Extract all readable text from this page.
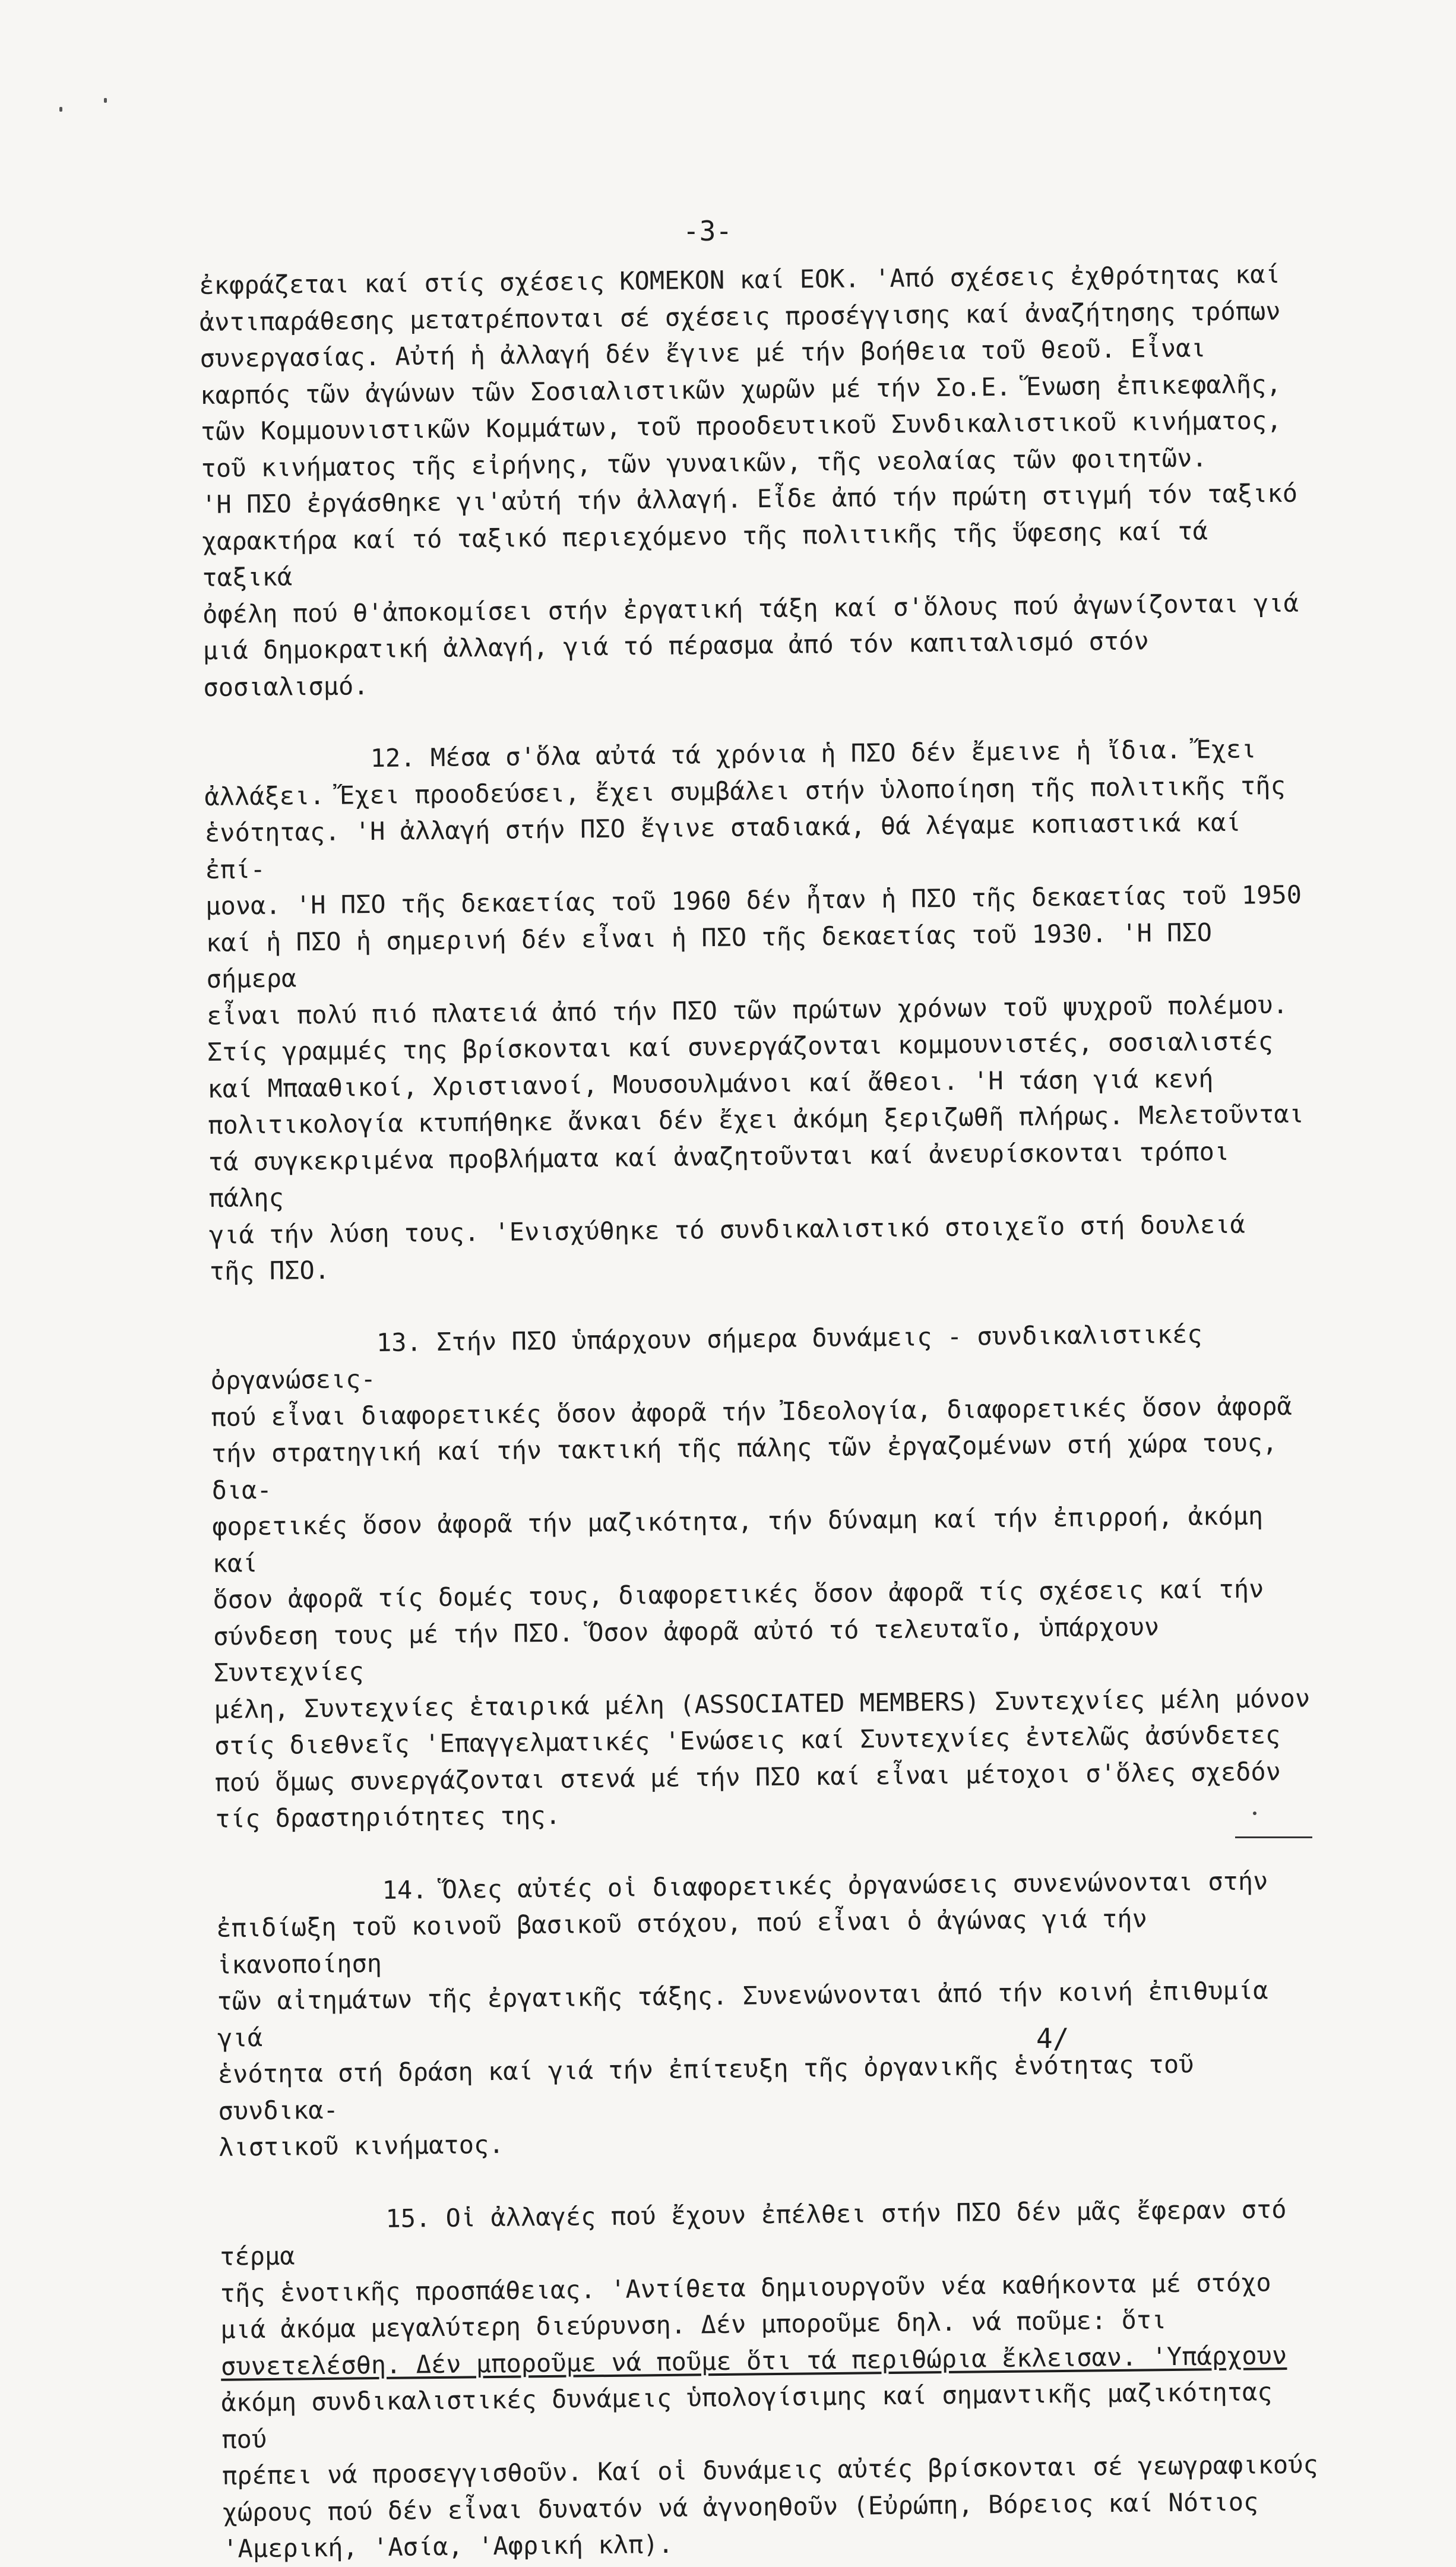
-3-

ἐκφράζεται καί στίς σχέσεις ΚΟΜΕΚΟΝ καί ΕΟΚ. 'Από σχέσεις ἐχθρότητας καί
ἀντιπαράθεσης μετατρέπονται σέ σχέσεις προσέγγισης καί ἀναζήτησης τρόπων
συνεργασίας. Αὐτή ἡ ἀλλαγή δέν ἔγινε μέ τήν βοήθεια τοῦ θεοῦ. Εἶναι
καρπός τῶν ἀγώνων τῶν Σοσιαλιστικῶν χωρῶν μέ τήν Σο.Ε. Ἕνωση ἐπικεφαλῆς,
τῶν Κομμουνιστικῶν Κομμάτων, τοῦ προοδευτικοῦ Συνδικαλιστικοῦ κινήματος,
τοῦ κινήματος τῆς εἰρήνης, τῶν γυναικῶν, τῆς νεολαίας τῶν φοιτητῶν.
'Η ΠΣΟ ἐργάσθηκε γι'αὐτή τήν ἀλλαγή. Εἶδε ἀπό τήν πρώτη στιγμή τόν ταξικό
χαρακτήρα καί τό ταξικό περιεχόμενο τῆς πολιτικῆς τῆς ὕφεσης καί τά ταξικά
ὀφέλη πού θ'ἀποκομίσει στήν ἐργατική τάξη καί σ'ὅλους πού ἀγωνίζονται γιά
μιά δημοκρατική ἀλλαγή, γιά τό πέρασμα ἀπό τόν καπιταλισμό στόν σοσιαλισμό.

12. Μέσα σ'ὅλα αὐτά τά χρόνια ἡ ΠΣΟ δέν ἔμεινε ἡ ἴδια. Ἔχει
ἀλλάξει. Ἔχει προοδεύσει, ἔχει συμβάλει στήν ὑλοποίηση τῆς πολιτικῆς τῆς
ἑνότητας. 'Η ἀλλαγή στήν ΠΣΟ ἔγινε σταδιακά, θά λέγαμε κοπιαστικά καί ἐπί-
μονα. 'Η ΠΣΟ τῆς δεκαετίας τοῦ 1960 δέν ἦταν ἡ ΠΣΟ τῆς δεκαετίας τοῦ 1950
καί ἡ ΠΣΟ ἡ σημερινή δέν εἶναι ἡ ΠΣΟ τῆς δεκαετίας τοῦ 1930. 'Η ΠΣΟ σήμερα
εἶναι πολύ πιό πλατειά ἀπό τήν ΠΣΟ τῶν πρώτων χρόνων τοῦ ψυχροῦ πολέμου.
Στίς γραμμές της βρίσκονται καί συνεργάζονται κομμουνιστές, σοσιαλιστές
καί Μπααθικοί, Χριστιανοί, Μουσουλμάνοι καί ἄθεοι. 'Η τάση γιά κενή
πολιτικολογία κτυπήθηκε ἄνκαι δέν ἔχει ἀκόμη ξεριζωθῆ πλήρως. Μελετοῦνται
τά συγκεκριμένα προβλήματα καί ἀναζητοῦνται καί ἀνευρίσκονται τρόποι πάλης
γιά τήν λύση τους. 'Ενισχύθηκε τό συνδικαλιστικό στοιχεῖο στή δουλειά
τῆς ΠΣΟ.

13. Στήν ΠΣΟ ὑπάρχουν σήμερα δυνάμεις - συνδικαλιστικές ὀργανώσεις-
πού εἶναι διαφορετικές ὅσον ἀφορᾶ τήν Ἰδεολογία, διαφορετικές ὅσον ἀφορᾶ
τήν στρατηγική καί τήν τακτική τῆς πάλης τῶν ἐργαζομένων στή χώρα τους, δια-
φορετικές ὅσον ἀφορᾶ τήν μαζικότητα, τήν δύναμη καί τήν ἐπιρροή, ἀκόμη καί
ὅσον ἀφορᾶ τίς δομές τους, διαφορετικές ὅσον ἀφορᾶ τίς σχέσεις καί τήν
σύνδεση τους μέ τήν ΠΣΟ. Ὅσον ἀφορᾶ αὐτό τό τελευταῖο, ὑπάρχουν Συντεχνίες
μέλη, Συντεχνίες ἑταιρικά μέλη (ASSOCIATED MEMBERS) Συντεχνίες μέλη μόνον
στίς διεθνεῖς 'Επαγγελματικές 'Ενώσεις καί Συντεχνίες ἐντελῶς ἀσύνδετες
πού ὅμως συνεργάζονται στενά μέ τήν ΠΣΟ καί εἶναι μέτοχοι σ'ὅλες σχεδόν
τίς δραστηριότητες της.

14. Ὅλες αὐτές οἱ διαφορετικές ὀργανώσεις συνενώνονται στήν
ἐπιδίωξη τοῦ κοινοῦ βασικοῦ στόχου, πού εἶναι ὁ ἀγώνας γιά τήν ἱκανοποίηση
τῶν αἰτημάτων τῆς ἐργατικῆς τάξης. Συνενώνονται ἀπό τήν κοινή ἐπιθυμία γιά
ἑνότητα στή δράση καί γιά τήν ἐπίτευξη τῆς ὀργανικῆς ἑνότητας τοῦ συνδικα-
λιστικοῦ κινήματος.

15. Οἱ ἀλλαγές πού ἔχουν ἐπέλθει στήν ΠΣΟ δέν μᾶς ἔφεραν στό τέρμα
τῆς ἑνοτικῆς προσπάθειας. 'Αντίθετα δημιουργοῦν νέα καθήκοντα μέ στόχο
μιά ἀκόμα μεγαλύτερη διεύρυνση. Δέν μποροῦμε δηλ. νά ποῦμε: ὅτι
συνετελέσθη. Δέν μποροῦμε νά ποῦμε ὅτι τά περιθώρια ἔκλεισαν. 'Υπάρχουν
ἀκόμη συνδικαλιστικές δυνάμεις ὑπολογίσιμης καί σημαντικῆς μαζικότητας πού
πρέπει νά προσεγγισθοῦν. Καί οἱ δυνάμεις αὐτές βρίσκονται σέ γεωγραφικούς
χώρους πού δέν εἶναι δυνατόν νά ἀγνοηθοῦν (Εὐρώπη, Βόρειος καί Νότιος
'Αμερική, 'Ασία, 'Αφρική κλπ).

4/
